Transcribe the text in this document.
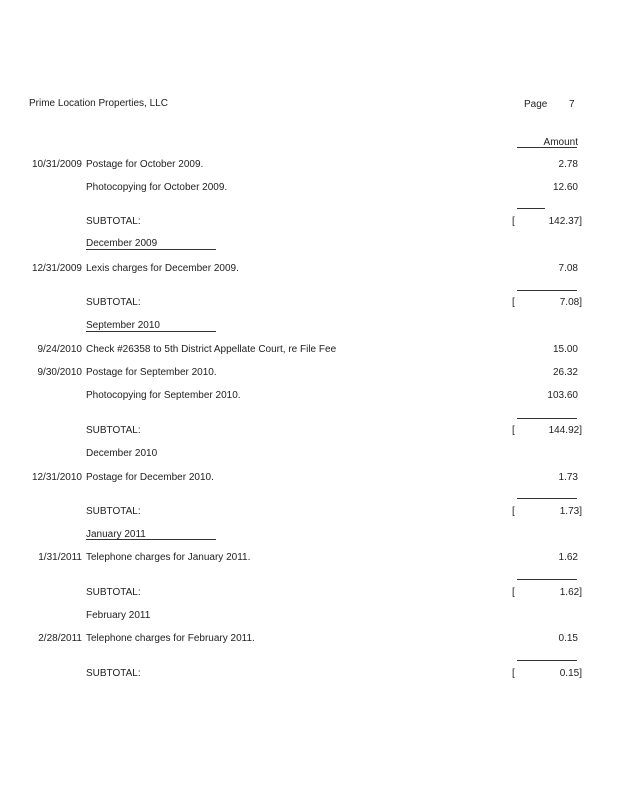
Prime Location Properties, LLC	Page 7
Amount
10/31/2009 Postage for October 2009.	2.78
Photocopying for October 2009.	12.60
SUBTOTAL:	[	142.37]
December 2009
12/31/2009 Lexis charges for December 2009.	7.08
SUBTOTAL:	[	7.08]
September 2010
9/24/2010 Check #26358 to 5th District Appellate Court, re File Fee	15.00
9/30/2010 Postage for September 2010.	26.32
Photocopying for September 2010.	103.60
SUBTOTAL:	[	144.92]
December 2010
12/31/2010 Postage for December 2010.	1.73
SUBTOTAL:	[	1.73]
January 2011
1/31/2011 Telephone charges for January 2011.	1.62
SUBTOTAL:	[	1.62]
February 2011
2/28/2011 Telephone charges for February 2011.	0.15
SUBTOTAL:	[	0.15]
